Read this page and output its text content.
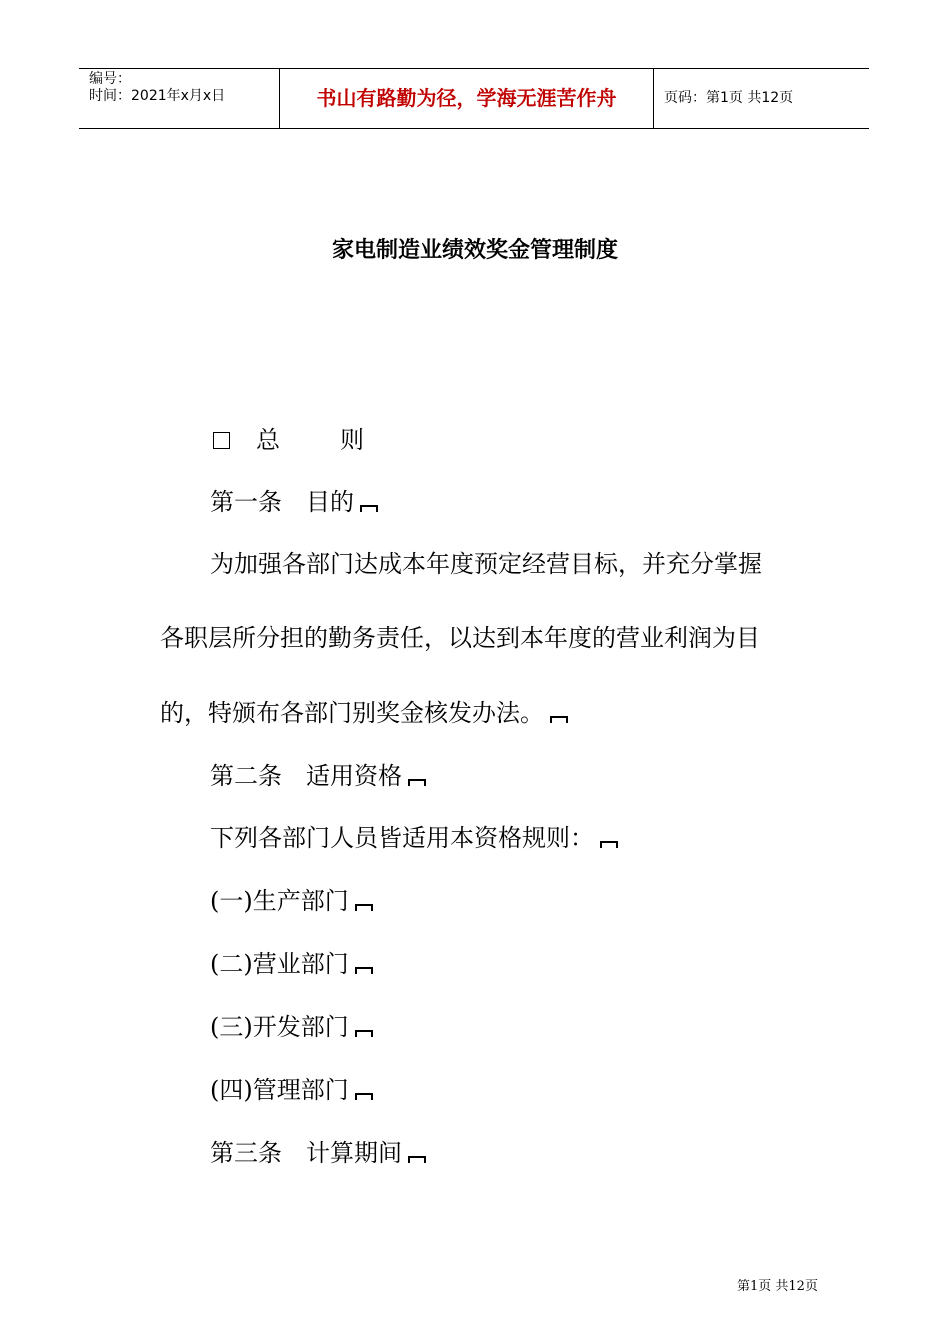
编号：
时间：2021年x月x日	书山有路勤为径，学海无涯苦作舟	页码：第1页 共12页
家电制造业绩效奖金管理制度
总　　则
第一条　目的
为加强各部门达成本年度预定经营目标，并充分掌握
各职层所分担的勤务责任，以达到本年度的营业利润为目
的，特颁布各部门别奖金核发办法。
第二条　适用资格
下列各部门人员皆适用本资格规则：
(一)生产部门
(二)营业部门
(三)开发部门
(四)管理部门
第三条　计算期间
第1页 共12页
